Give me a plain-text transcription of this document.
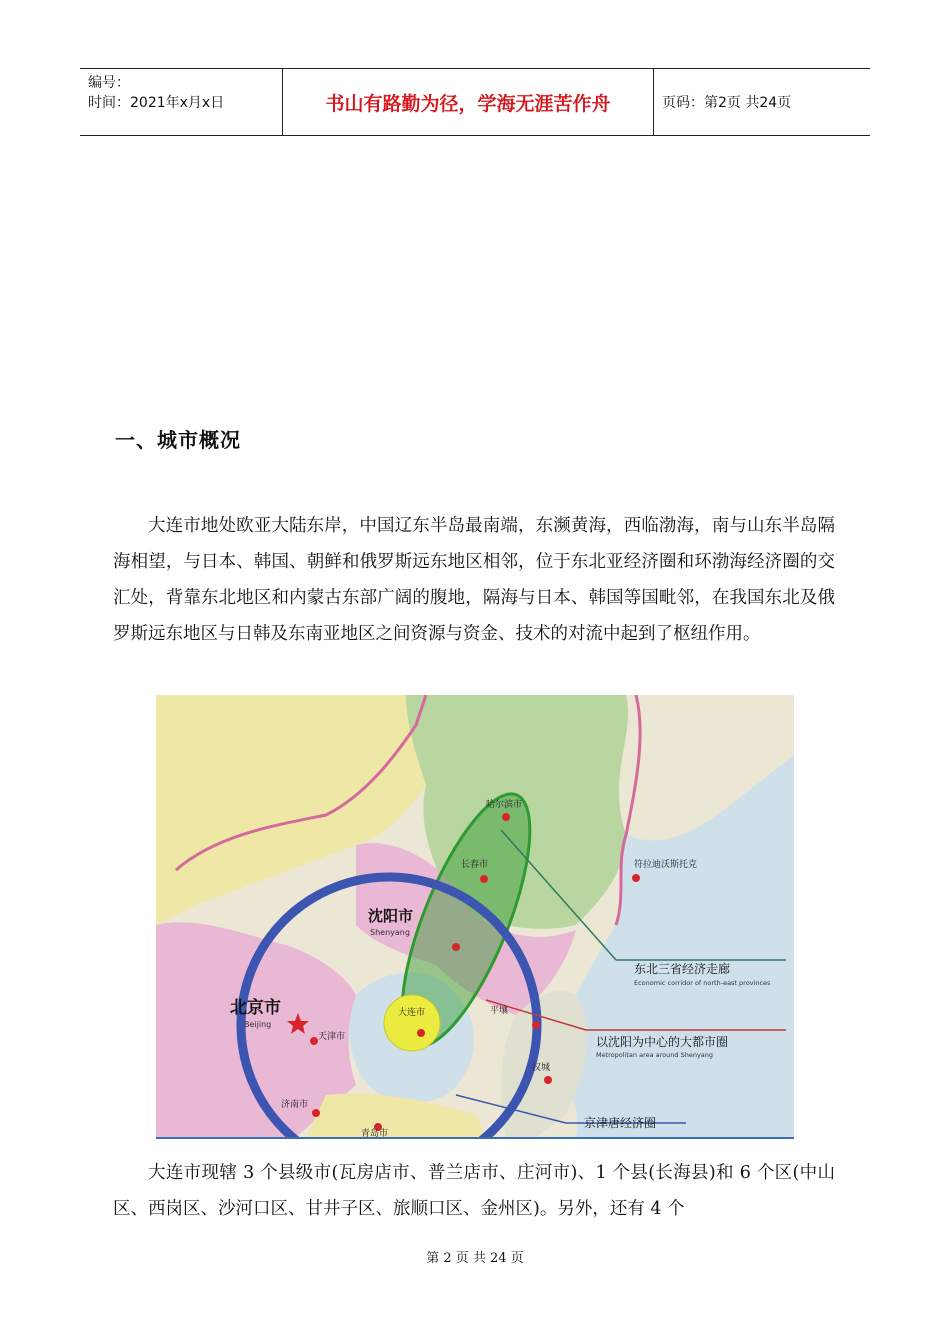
编号：
时间：2021年x月x日	书山有路勤为径，学海无涯苦作舟	页码：第2页 共24页
一、城市概况

大连市地处欧亚大陆东岸，中国辽东半岛最南端，东濒黄海，西临渤海，南与山东半岛隔海相望，与日本、韩国、朝鲜和俄罗斯远东地区相邻，位于东北亚经济圈和环渤海经济圈的交汇处，背靠东北地区和内蒙古东部广阔的腹地，隔海与日本、韩国等国毗邻，在我国东北及俄罗斯远东地区与日韩及东南亚地区之间资源与资金、技术的对流中起到了枢纽作用。

哈尔滨市
长春市	符拉迪沃斯托克
沈阳市
Shenyang
北京市
Beijing
天津市
大连市	平壤
汉城
济南市
青岛市
东北三省经济走廊
Economic corridor of north-east provinces
以沈阳为中心的大都市圈
Metropolitan area around Shenyang
京津唐经济圈

大连市现辖 3 个县级市(瓦房店市、普兰店市、庄河市)、1 个县(长海县)和 6 个区(中山区、西岗区、沙河口区、甘井子区、旅顺口区、金州区)。另外，还有 4 个

第 2 页 共 24 页
